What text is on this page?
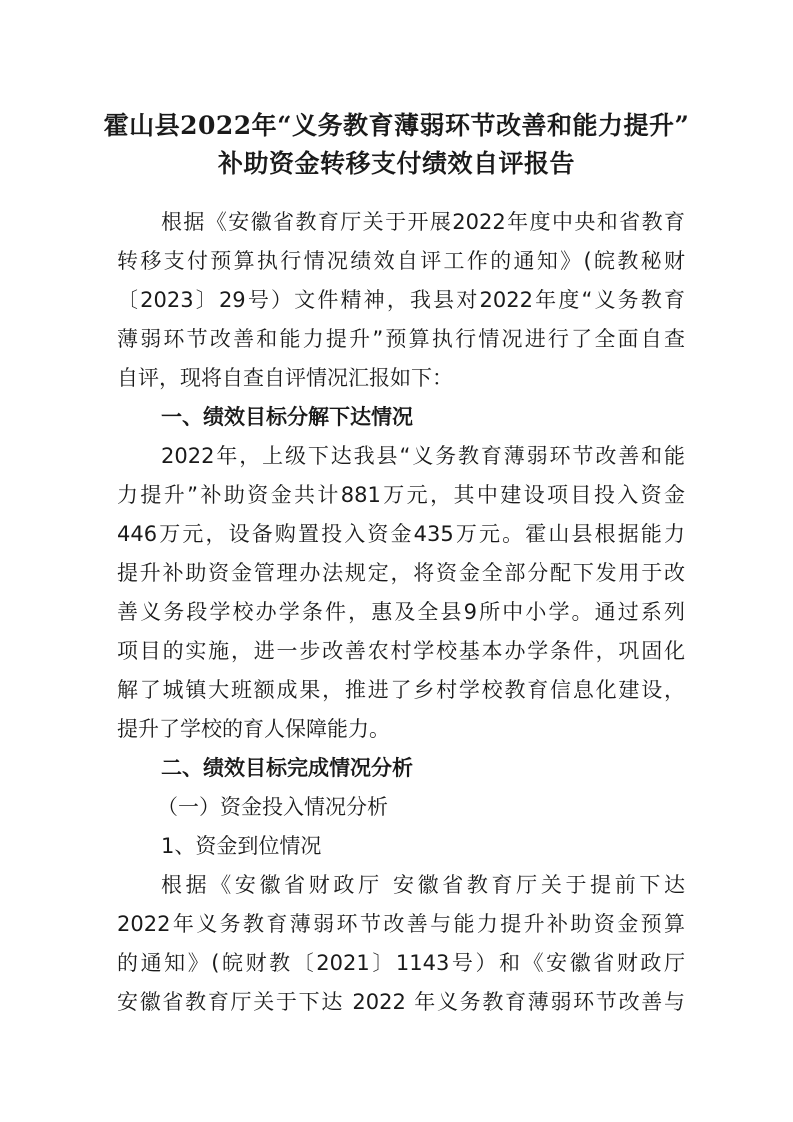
霍山县2022年“义务教育薄弱环节改善和能力提升”
补助资金转移支付绩效自评报告
根据《安徽省教育厅关于开展2022年度中央和省教育
转移支付预算执行情况绩效自评工作的通知》(皖教秘财
〔2023〕29号）文件精神，我县对2022年度“义务教育
薄弱环节改善和能力提升”预算执行情况进行了全面自查
自评，现将自查自评情况汇报如下：
一、绩效目标分解下达情况
2022年，上级下达我县“义务教育薄弱环节改善和能
力提升”补助资金共计881万元，其中建设项目投入资金
446万元，设备购置投入资金435万元。霍山县根据能力
提升补助资金管理办法规定，将资金全部分配下发用于改
善义务段学校办学条件，惠及全县9所中小学。通过系列
项目的实施，进一步改善农村学校基本办学条件，巩固化
解了城镇大班额成果，推进了乡村学校教育信息化建设，
提升了学校的育人保障能力。
二、绩效目标完成情况分析
（一）资金投入情况分析
1、资金到位情况
根据《安徽省财政厅 安徽省教育厅关于提前下达
2022年义务教育薄弱环节改善与能力提升补助资金预算
的通知》(皖财教〔2021〕1143号）和《安徽省财政厅
安徽省教育厅关于下达 2022 年义务教育薄弱环节改善与
